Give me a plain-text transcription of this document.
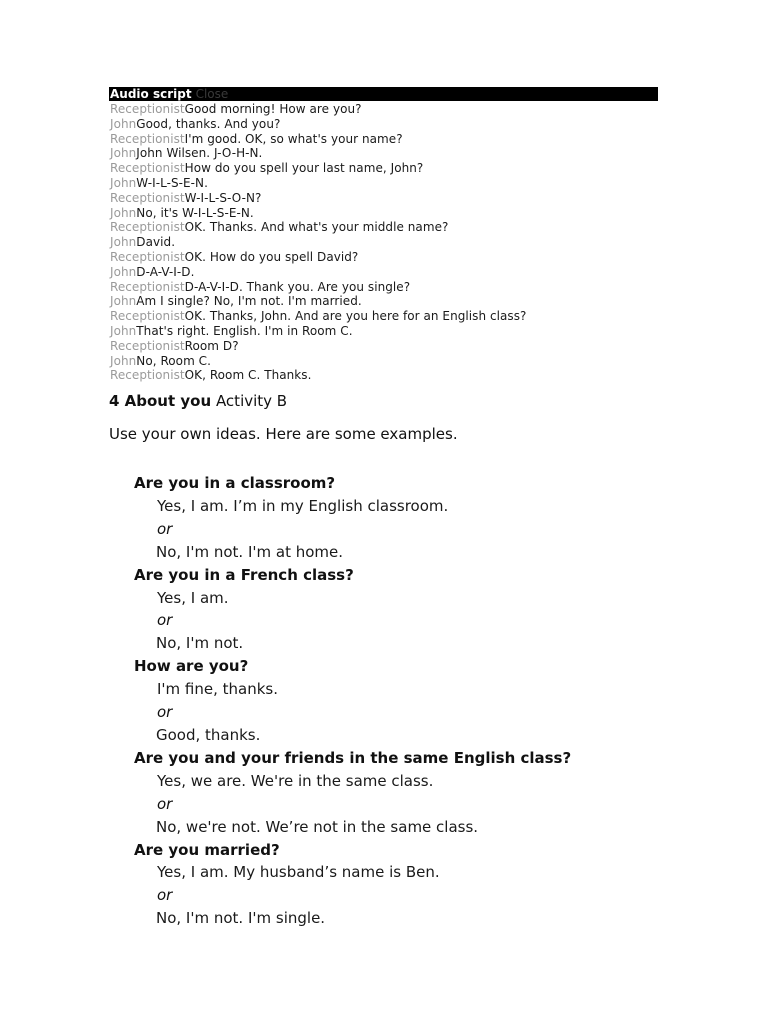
Audio script Close
ReceptionistGood morning! How are you?
JohnGood, thanks. And you?
ReceptionistI'm good. OK, so what's your name?
JohnJohn Wilsen. J-O-H-N.
ReceptionistHow do you spell your last name, John?
JohnW-I-L-S-E-N.
ReceptionistW-I-L-S-O-N?
JohnNo, it's W-I-L-S-E-N.
ReceptionistOK. Thanks. And what's your middle name?
JohnDavid.
ReceptionistOK. How do you spell David?
JohnD-A-V-I-D.
ReceptionistD-A-V-I-D. Thank you. Are you single?
JohnAm I single? No, I'm not. I'm married.
ReceptionistOK. Thanks, John. And are you here for an English class?
JohnThat's right. English. I'm in Room C.
ReceptionistRoom D?
JohnNo, Room C.
ReceptionistOK, Room C. Thanks.
4 About you Activity B
Use your own ideas. Here are some examples.
Are you in a classroom?
Yes, I am. I’m in my English classroom.
or
No, I'm not. I'm at home.
Are you in a French class?
Yes, I am.
or
No, I'm not.
How are you?
I'm fine, thanks.
or
Good, thanks.
Are you and your friends in the same English class?
Yes, we are. We're in the same class.
or
No, we're not. We’re not in the same class.
Are you married?
Yes, I am. My husband’s name is Ben.
or
No, I'm not. I'm single.
